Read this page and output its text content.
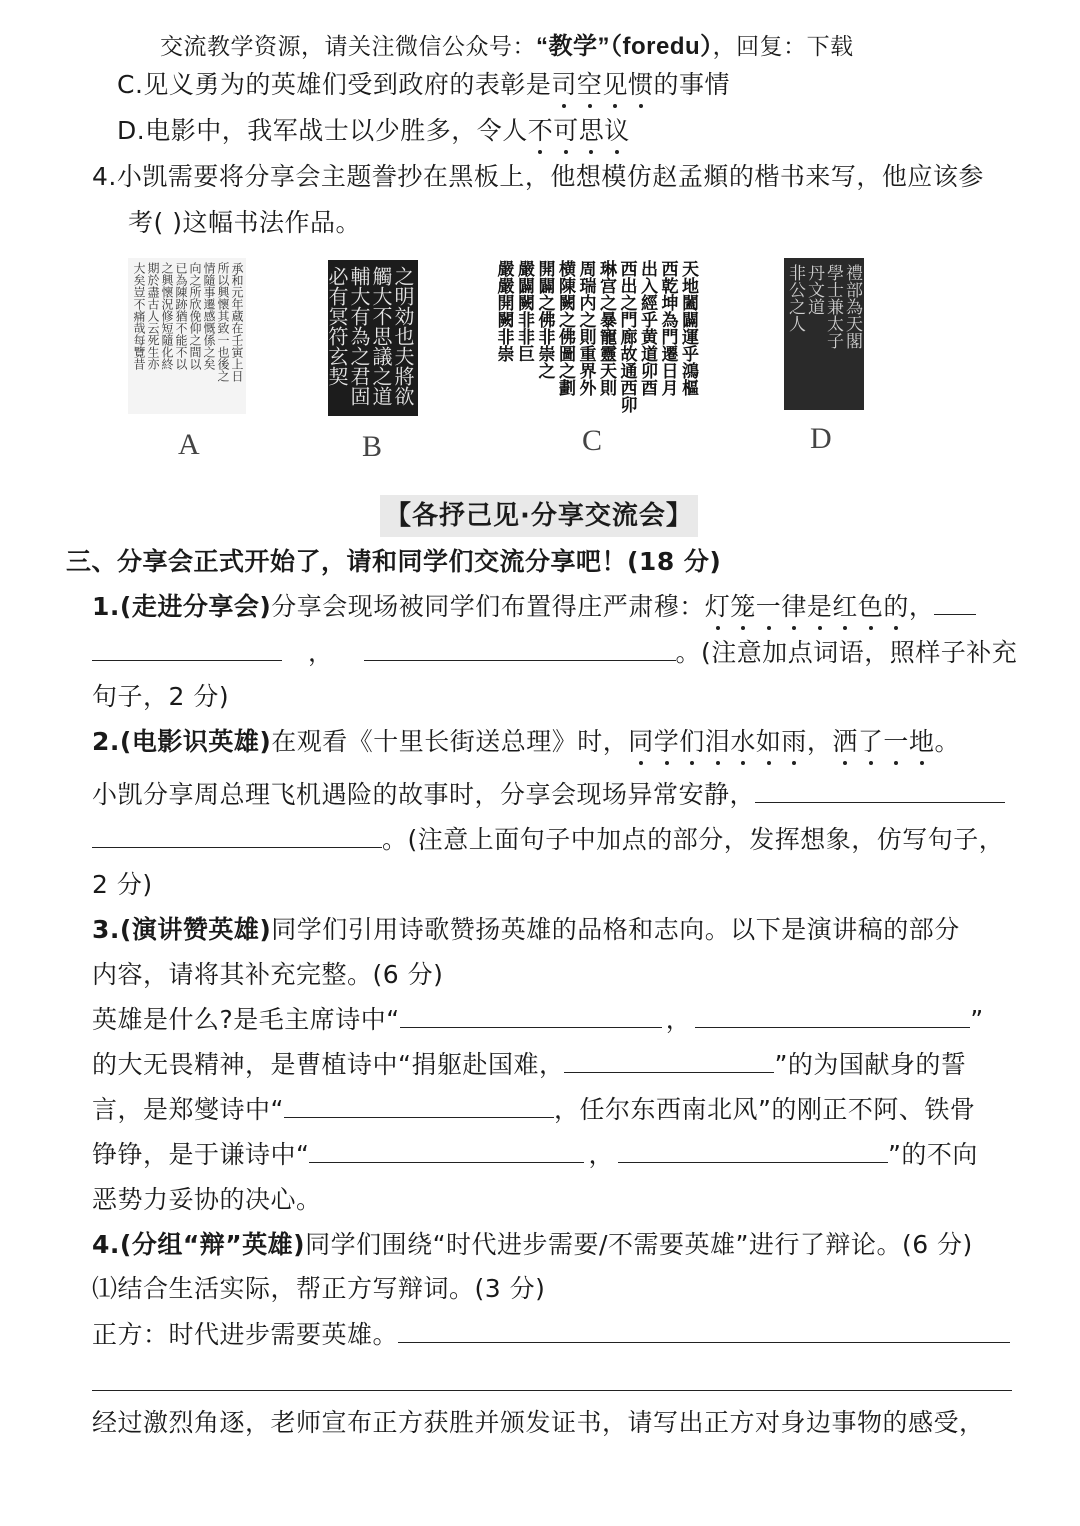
交流教学资源，请关注微信公众号：“教学”（foredu），回复：下载
C.见义勇为的英雄们受到政府的表彰是司空见惯的事情
D.电影中，我军战士以少胜多，令人不可思议
4.小凯需要将分享会主题誊抄在黑板上，他想模仿赵孟頫的楷书来写，他应该参
考( )这幅书法作品。
承和元年蔵在壬寅上日
所以興懷其致一也後之
情隨事遷感慨係之矣
向之所欣俛仰之間以
已為陳跡猶不能不以
之興懷況修短隨化終
期於盡古人云死生亦
大矣豈不痛哉每覽昔
A
之明効也夫將欲
觸大不思議之道
輔大有為之君固
必有冥符玄契
B
天地闔闢運乎鴻樞
西乾坤為門遷日月
出入經乎黄道卯酉
西出之門廊故通西卯
琳宫之暴寵靈天則
周瑞内之則重界外
横陳闕之佛圖之劃
開闢之佛非崇之
嚴闢闕非非巨
嚴嚴開闕非崇
C
禮部為天閣
學士兼太子
丹文道
非公之人
D
【各抒己见·分享交流会】
三、分享会正式开始了，请和同学们交流分享吧！(18 分)
1.(走进分享会)分享会现场被同学们布置得庄严肃穆：灯笼一律是红色的，
，	。(注意加点词语，照样子补充
句子，2 分)
2.(电影识英雄)在观看《十里长街送总理》时，同学们泪水如雨，洒了一地。
小凯分享周总理飞机遇险的故事时，分享会现场异常安静，
。(注意上面句子中加点的部分，发挥想象，仿写句子，
2 分)
3.(演讲赞英雄)同学们引用诗歌赞扬英雄的品格和志向。以下是演讲稿的部分
内容，请将其补充完整。(6 分)
英雄是什么?是毛主席诗中“	，	”
的大无畏精神，是曹植诗中“捐躯赴国难，	”的为国献身的誓
言，是郑燮诗中“	，任尔东西南北风”的刚正不阿、铁骨
铮铮，是于谦诗中“	，	”的不向
恶势力妥协的决心。
4.(分组“辩”英雄)同学们围绕“时代进步需要/不需要英雄”进行了辩论。(6 分)
⑴结合生活实际，帮正方写辩词。(3 分)
正方：时代进步需要英雄。
经过激烈角逐，老师宣布正方获胜并颁发证书，请写出正方对身边事物的感受，
